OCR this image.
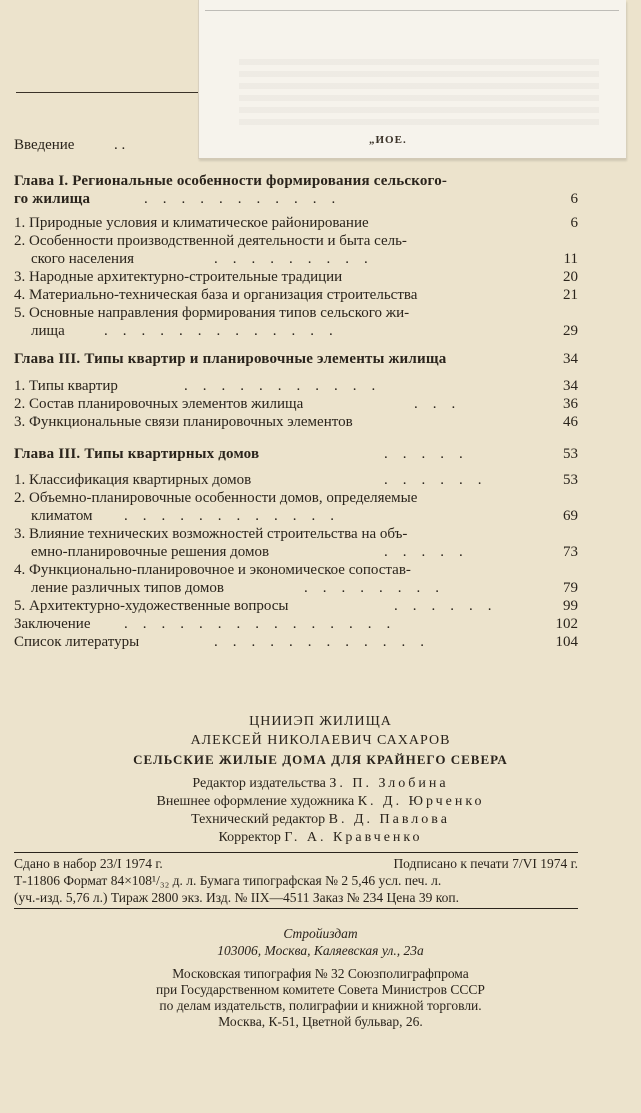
„ИОЕ.
Введение	. .
Глава I. Региональные особенности формирования сельского-
го жилища	.    .    .    .    .    .    .    .    .    .    .	6
1. Природные условия и климатическое районирование	6
2. Особенности производственной деятельности и быта сель-
ского населения	.    .    .    .    .    .    .    .    .	11
3. Народные архитектурно-строительные традиции	20
4. Материально-техническая база и организация строительства	21
5. Основные направления формирования типов сельского жи-
лища	.    .    .    .    .    .    .    .    .    .    .    .    .	29
Глава III. Типы квартир и планировочные элементы жилища	34
1. Типы квартир	.    .    .    .    .    .    .    .    .    .    .	34
2. Состав планировочных элементов жилища	.    .    .	36
3. Функциональные связи планировочных элементов	46
Глава III. Типы квартирных домов	.    .    .    .    .	53
1. Классификация квартирных домов	.    .    .    .    .    .	53
2. Объемно-планировочные особенности домов, определяемые
климатом .    .    .    .    .    .    .    .    .    .    .    .	69
3. Влияние технических возможностей строительства на объ-
емно-планировочные решения домов	.    .    .    .    .	73
4. Функционально-планировочное и экономическое сопостав-
ление различных типов домов	.    .    .    .    .    .    .    .	79
5. Архитектурно-художественные вопросы	.    .    .    .    .    .	99
Заключение .    .    .    .    .    .    .    .    .    .    .    .    .    .    .	102
Список литературы	.    .    .    .    .    .    .    .    .    .    .    .	104
ЦНИИЭП ЖИЛИЩА
АЛЕКСЕЙ НИКОЛАЕВИЧ САХАРОВ
СЕЛЬСКИЕ ЖИЛЫЕ ДОМА ДЛЯ КРАЙНЕГО СЕВЕРА
Редактор издательства З. П. Злобина
Внешнее оформление художника К. Д. Юрченко
Технический редактор В. Д. Павлова
Корректор Г. А. Кравченко
Сдано в набор 23/I 1974 г.	Подписано к печати 7/VI 1974 г.
Т-11806 Формат 84×108¹/₃₂ д. л. Бумага типографская № 2 5,46 усл. печ. л.
(уч.-изд. 5,76 л.) Тираж 2800 экз. Изд. № IIX—4511 Заказ № 234 Цена 39 коп.
Стройиздат
103006, Москва, Каляевская ул., 23а
Московская типография № 32 Союзполиграфпрома
при Государственном комитете Совета Министров СССР
по делам издательств, полиграфии и книжной торговли.
Москва, К-51, Цветной бульвар, 26.
